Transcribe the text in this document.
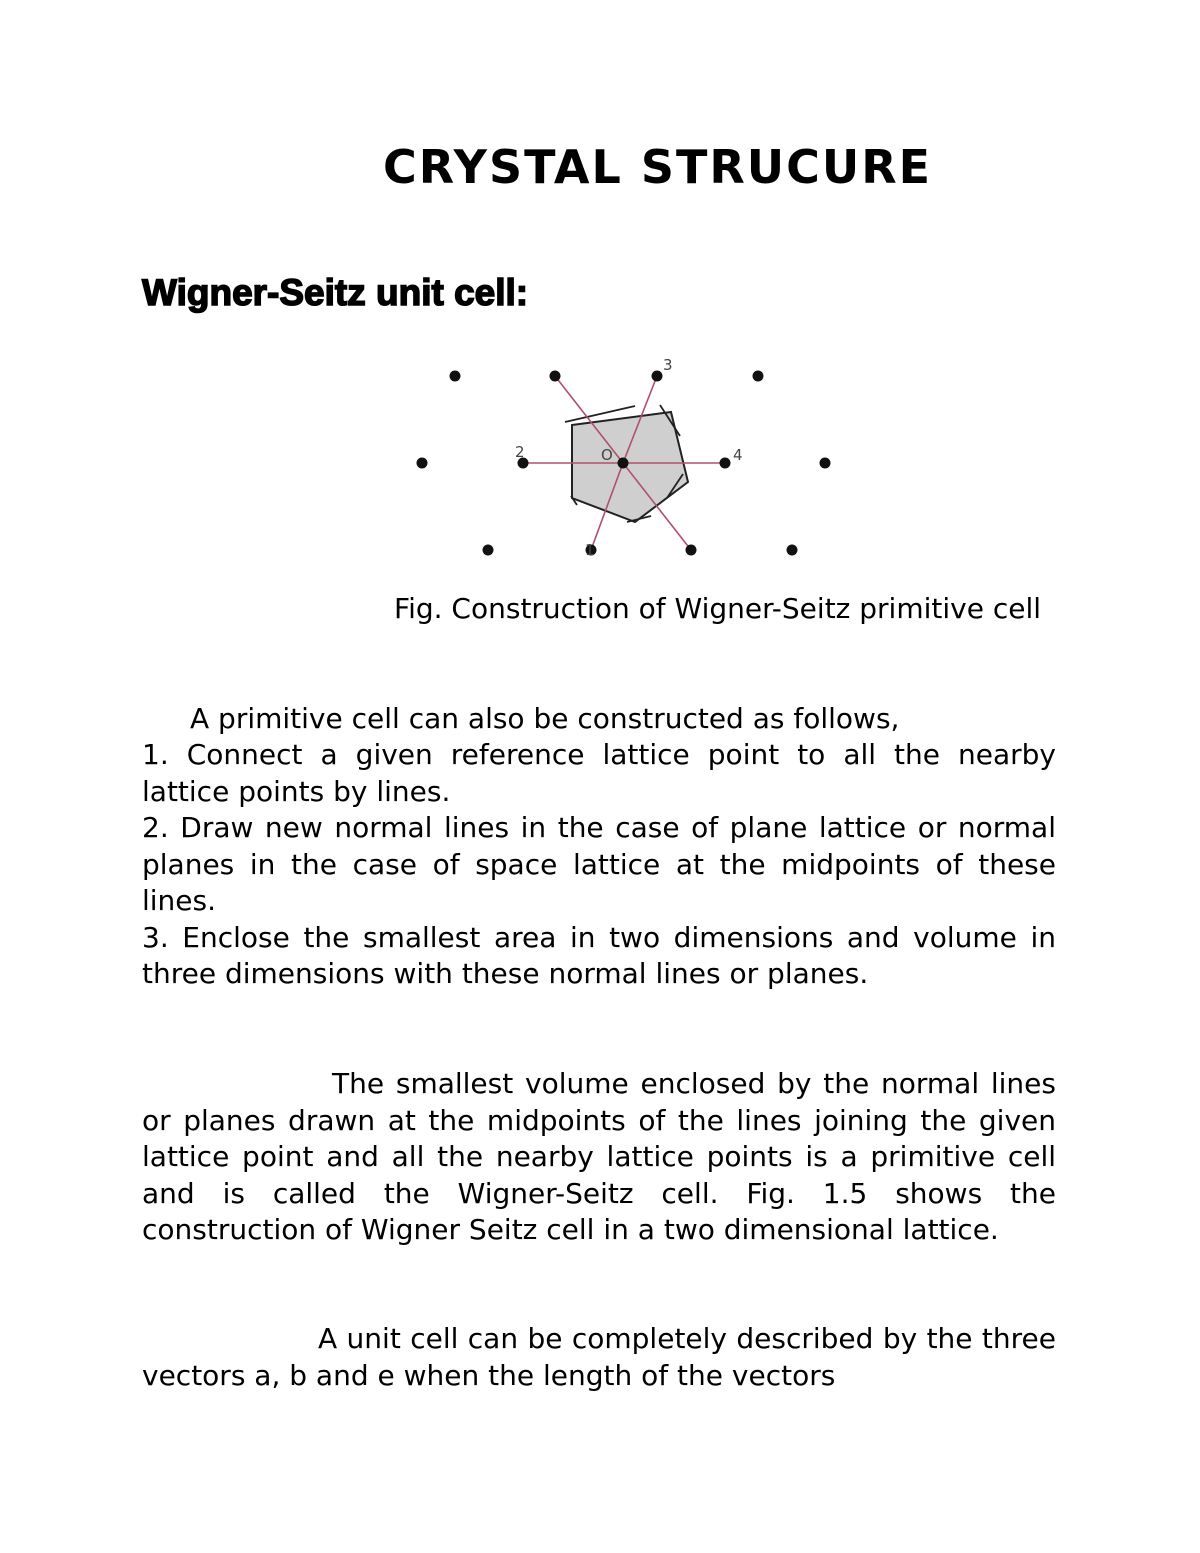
CRYSTAL STRUCURE
Wigner-Seitz unit cell:
O
1
2
3
4

Fig. Construction of Wigner-Seitz primitive cell

A primitive cell can also be constructed as follows,

1. Connect a given reference lattice point to all the nearby lattice points by lines.

2. Draw new normal lines in the case of plane lattice or normal planes in the case of space lattice at the midpoints of these lines.

3. Enclose the smallest area in two dimensions and volume in three dimensions with these normal lines or planes.

The smallest volume enclosed by the normal lines or planes drawn at the midpoints of the lines joining the given lattice point and all the nearby lattice points is a primitive cell and is called the Wigner-Seitz cell. Fig. 1.5 shows the construction of Wigner Seitz cell in a two dimensional lattice.

A unit cell can be completely described by the three vectors a, b and e when the length of the vectors
